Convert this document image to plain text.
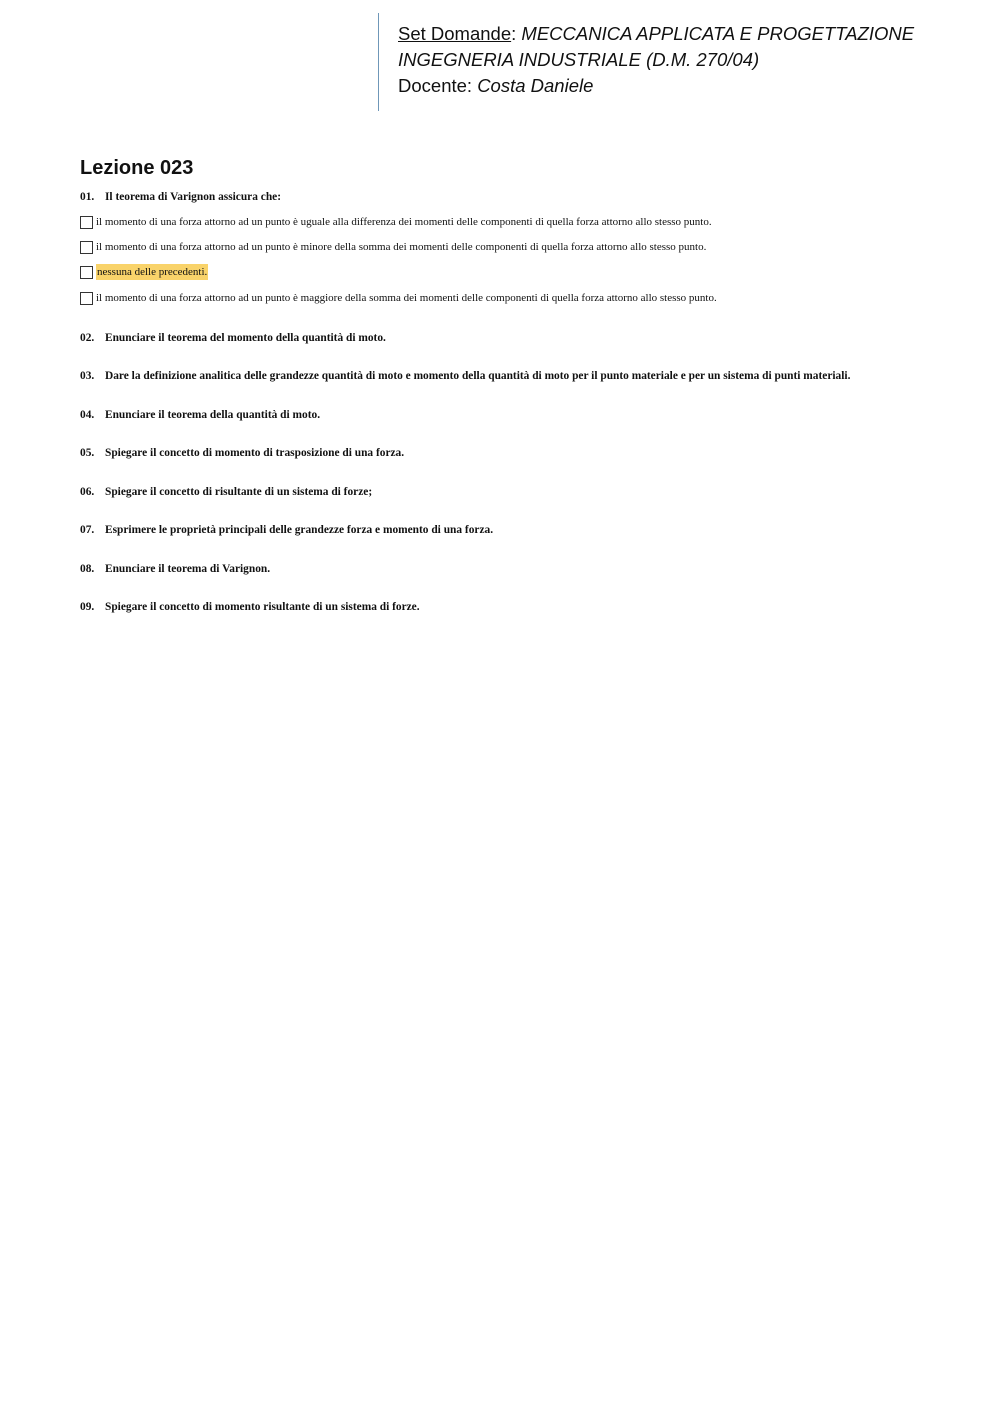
Set Domande: MECCANICA APPLICATA E PROGETTAZIONE
INGEGNERIA INDUSTRIALE (D.M. 270/04)
Docente: Costa Daniele
Lezione 023
01. Il teorema di Varignon assicura che:
il momento di una forza attorno ad un punto è uguale alla differenza dei momenti delle componenti di quella forza attorno allo stesso punto.
il momento di una forza attorno ad un punto è minore della somma dei momenti delle componenti di quella forza attorno allo stesso punto.
nessuna delle precedenti.
il momento di una forza attorno ad un punto è maggiore della somma dei momenti delle componenti di quella forza attorno allo stesso punto.
02. Enunciare il teorema del momento della quantità di moto.
03. Dare la definizione analitica delle grandezze quantità di moto e momento della quantità di moto per il punto materiale e per un sistema di punti materiali.
04. Enunciare il teorema della quantità di moto.
05. Spiegare il concetto di momento di trasposizione di una forza.
06. Spiegare il concetto di risultante di un sistema di forze;
07. Esprimere le proprietà principali delle grandezze forza e momento di una forza.
08. Enunciare il teorema di Varignon.
09. Spiegare il concetto di momento risultante di un sistema di forze.
